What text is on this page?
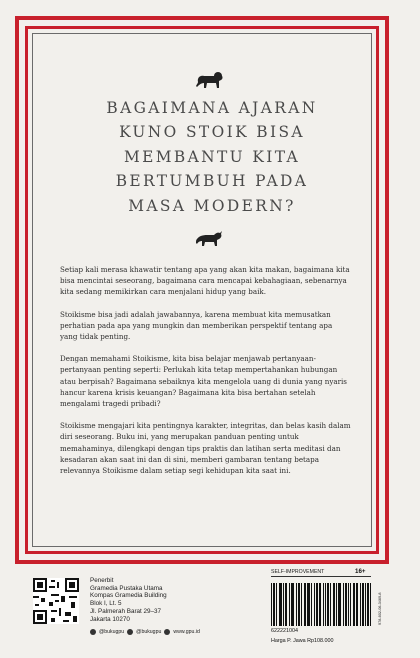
BAGAIMANA AJARAN
KUNO STOIK BISA
MEMBANTU KITA
BERTUMBUH PADA
MASA MODERN?

Setiap kali merasa khawatir tentang apa yang akan kita makan, bagaimana kita bisa mencintai seseorang, bagaimana cara mencapai kebahagiaan, sebenarnya kita sedang memikirkan cara menjalani hidup yang baik.

Stoikisme bisa jadi adalah jawabannya, karena membuat kita memusatkan perhatian pada apa yang mungkin dan memberikan perspektif tentang apa yang tidak penting.

Dengan memahami Stoikisme, kita bisa belajar menjawab pertanyaan-pertanyaan penting seperti: Perlukah kita tetap mempertahankan hubungan atau berpisah? Bagaimana sebaiknya kita mengelola uang di dunia yang nyaris hancur karena krisis keuangan? Bagaimana kita bisa bertahan setelah mengalami tragedi pribadi?

Stoikisme mengajari kita pentingnya karakter, integritas, dan belas kasih dalam diri seseorang. Buku ini, yang merupakan panduan penting untuk memahaminya, dilengkapi dengan tips praktis dan latihan serta meditasi dan kesadaran akan saat ini dan di sini, memberi gambaran tentang betapa relevannya Stoikisme dalam setiap segi kehidupan kita saat ini.

Penerbit
Gramedia Pustaka Utama
Kompas Gramedia Building
Blok I, Lt. 5
Jl. Palmerah Barat 29–37
Jakarta 10270
@bukugpu @bukugpu www.gpu.id
SELF-IMPROVEMENT	16+
622221004
978-602-06-3469-8
Harga P. Jawa Rp108.000
